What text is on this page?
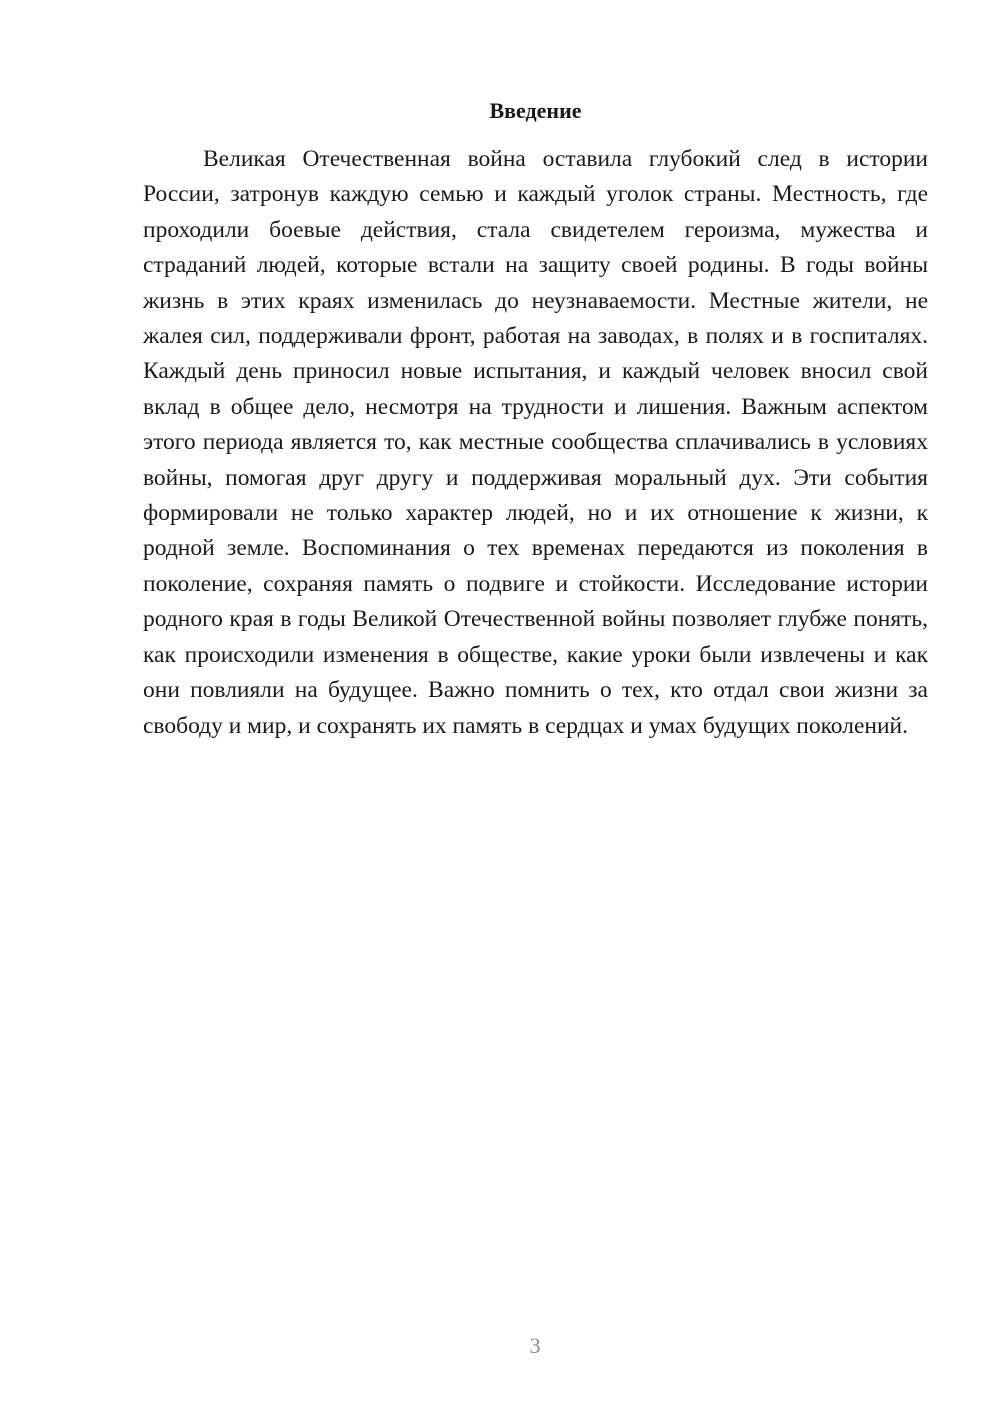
Введение

Великая Отечественная война оставила глубокий след в истории России, затронув каждую семью и каждый уголок страны. Местность, где проходили боевые действия, стала свидетелем героизма, мужества и страданий людей, которые встали на защиту своей родины. В годы войны жизнь в этих краях изменилась до неузнаваемости. Местные жители, не жалея сил, поддерживали фронт, работая на заводах, в полях и в госпиталях. Каждый день приносил новые испытания, и каждый человек вносил свой вклад в общее дело, несмотря на трудности и лишения. Важным аспектом этого периода является то, как местные сообщества сплачивались в условиях войны, помогая друг другу и поддерживая моральный дух. Эти события формировали не только характер людей, но и их отношение к жизни, к родной земле. Воспоминания о тех временах передаются из поколения в поколение, сохраняя память о подвиге и стойкости. Исследование истории родного края в годы Великой Отечественной войны позволяет глубже понять, как происходили изменения в обществе, какие уроки были извлечены и как они повлияли на будущее. Важно помнить о тех, кто отдал свои жизни за свободу и мир, и сохранять их память в сердцах и умах будущих поколений.

3
